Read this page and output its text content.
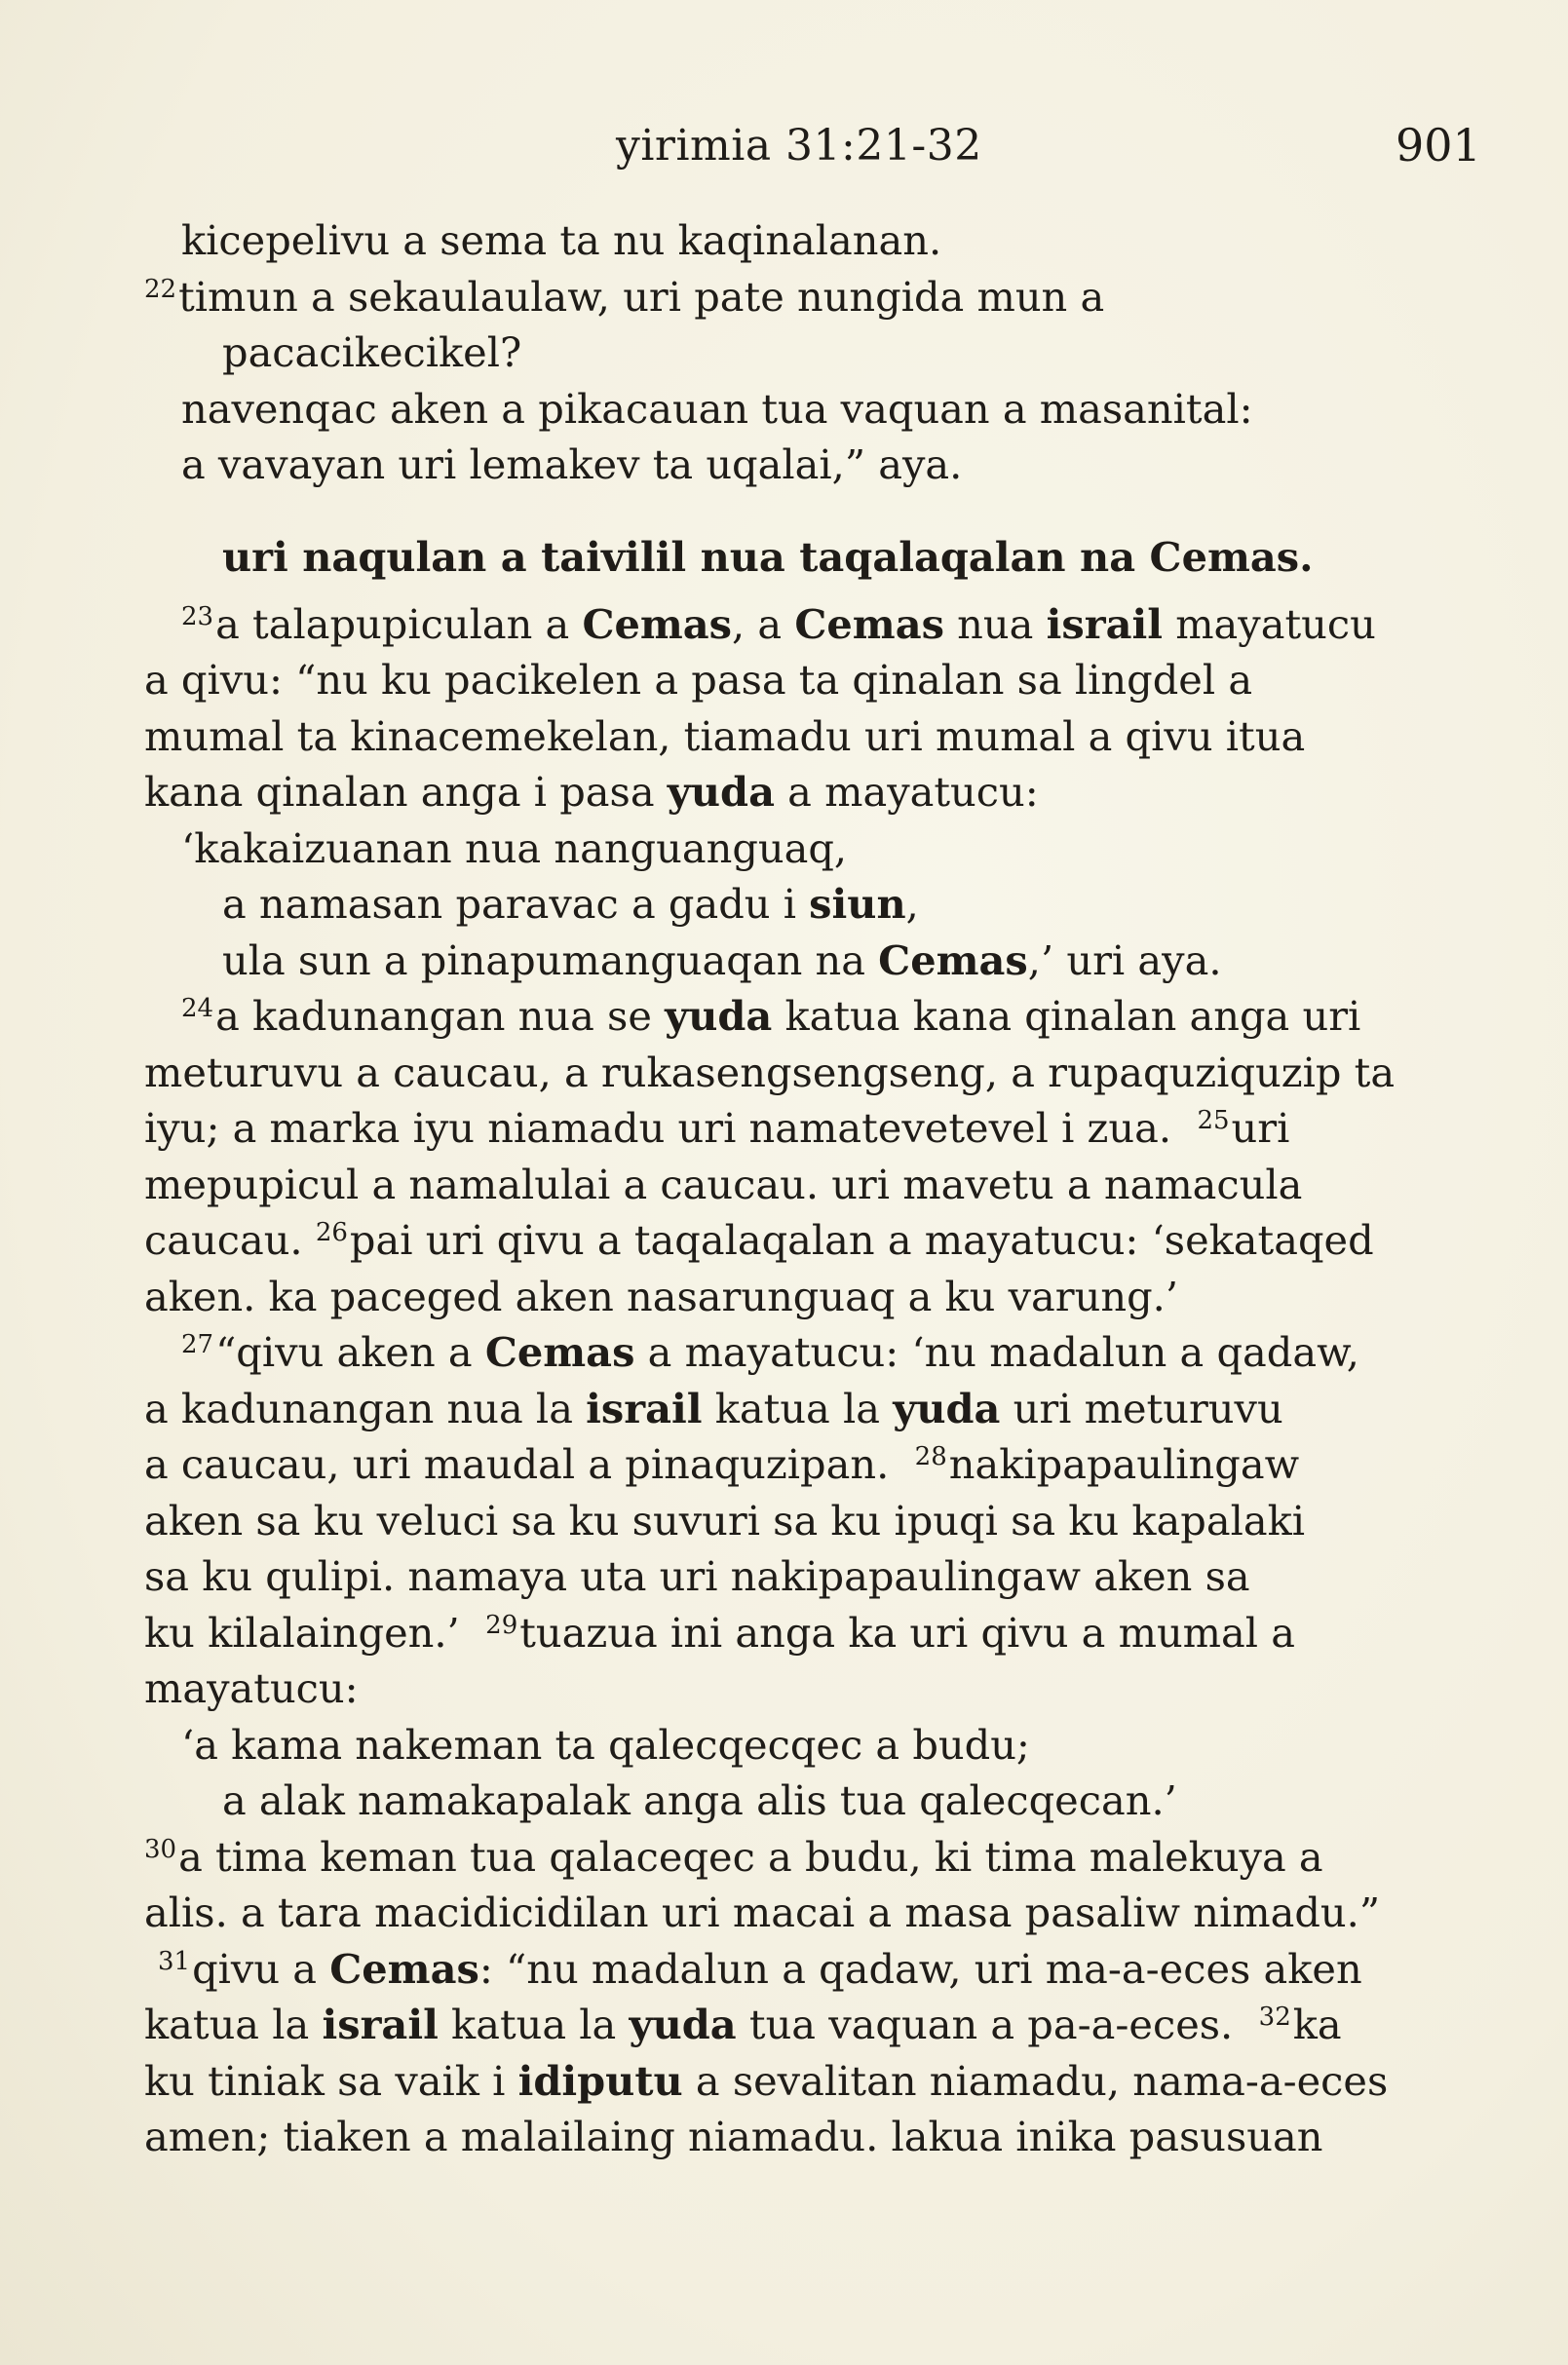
yirimia 31:21-32	901
kicepelivu a sema ta nu kaqinalanan.
$^{22}$timun a sekaulaulaw, uri pate nungida mun a
pacacikecikel?
navenqac aken a pikacauan tua vaquan a masanital:
a vavayan uri lemakev ta uqalai,” aya.
uri naqulan a taivilil nua taqalaqalan na Cemas.
$^{23}$a talapupiculan a Cemas, a Cemas nua israil mayatucu
a qivu: “nu ku pacikelen a pasa ta qinalan sa lingdel a
mumal ta kinacemekelan, tiamadu uri mumal a qivu itua
kana qinalan anga i pasa yuda a mayatucu:
‘kakaizuanan nua nanguanguaq,
a namasan paravac a gadu i siun,
ula sun a pinapumanguaqan na Cemas,’ uri aya.
$^{24}$a kadunangan nua se yuda katua kana qinalan anga uri
meturuvu a caucau, a rukasengsengseng, a rupaquziquzip ta
iyu; a marka iyu niamadu uri namatevetevel i zua. $^{25}$uri
mepupicul a namalulai a caucau. uri mavetu a namacula
caucau. $^{26}$pai uri qivu a taqalaqalan a mayatucu: ‘sekataqed
aken. ka paceged aken nasarunguaq a ku varung.’
$^{27}$“qivu aken a Cemas a mayatucu: ‘nu madalun a qadaw,
a kadunangan nua la israil katua la yuda uri meturuvu
a caucau, uri maudal a pinaquzipan. $^{28}$nakipapaulingaw
aken sa ku veluci sa ku suvuri sa ku ipuqi sa ku kapalaki
sa ku qulipi. namaya uta uri nakipapaulingaw aken sa
ku kilalaingen.’ $^{29}$tuazua ini anga ka uri qivu a mumal a
mayatucu:
‘a kama nakeman ta qalecqecqec a budu;
a alak namakapalak anga alis tua qalecqecan.’
$^{30}$a tima keman tua qalaceqec a budu, ki tima malekuya a
alis. a tara macidicidilan uri macai a masa pasaliw nimadu.”
$^{31}$qivu a Cemas: “nu madalun a qadaw, uri ma-a-eces aken
katua la israil katua la yuda tua vaquan a pa-a-eces. $^{32}$ka
ku tiniak sa vaik i idiputu a sevalitan niamadu, nama-a-eces
amen; tiaken a malailaing niamadu. lakua inika pasusuan
